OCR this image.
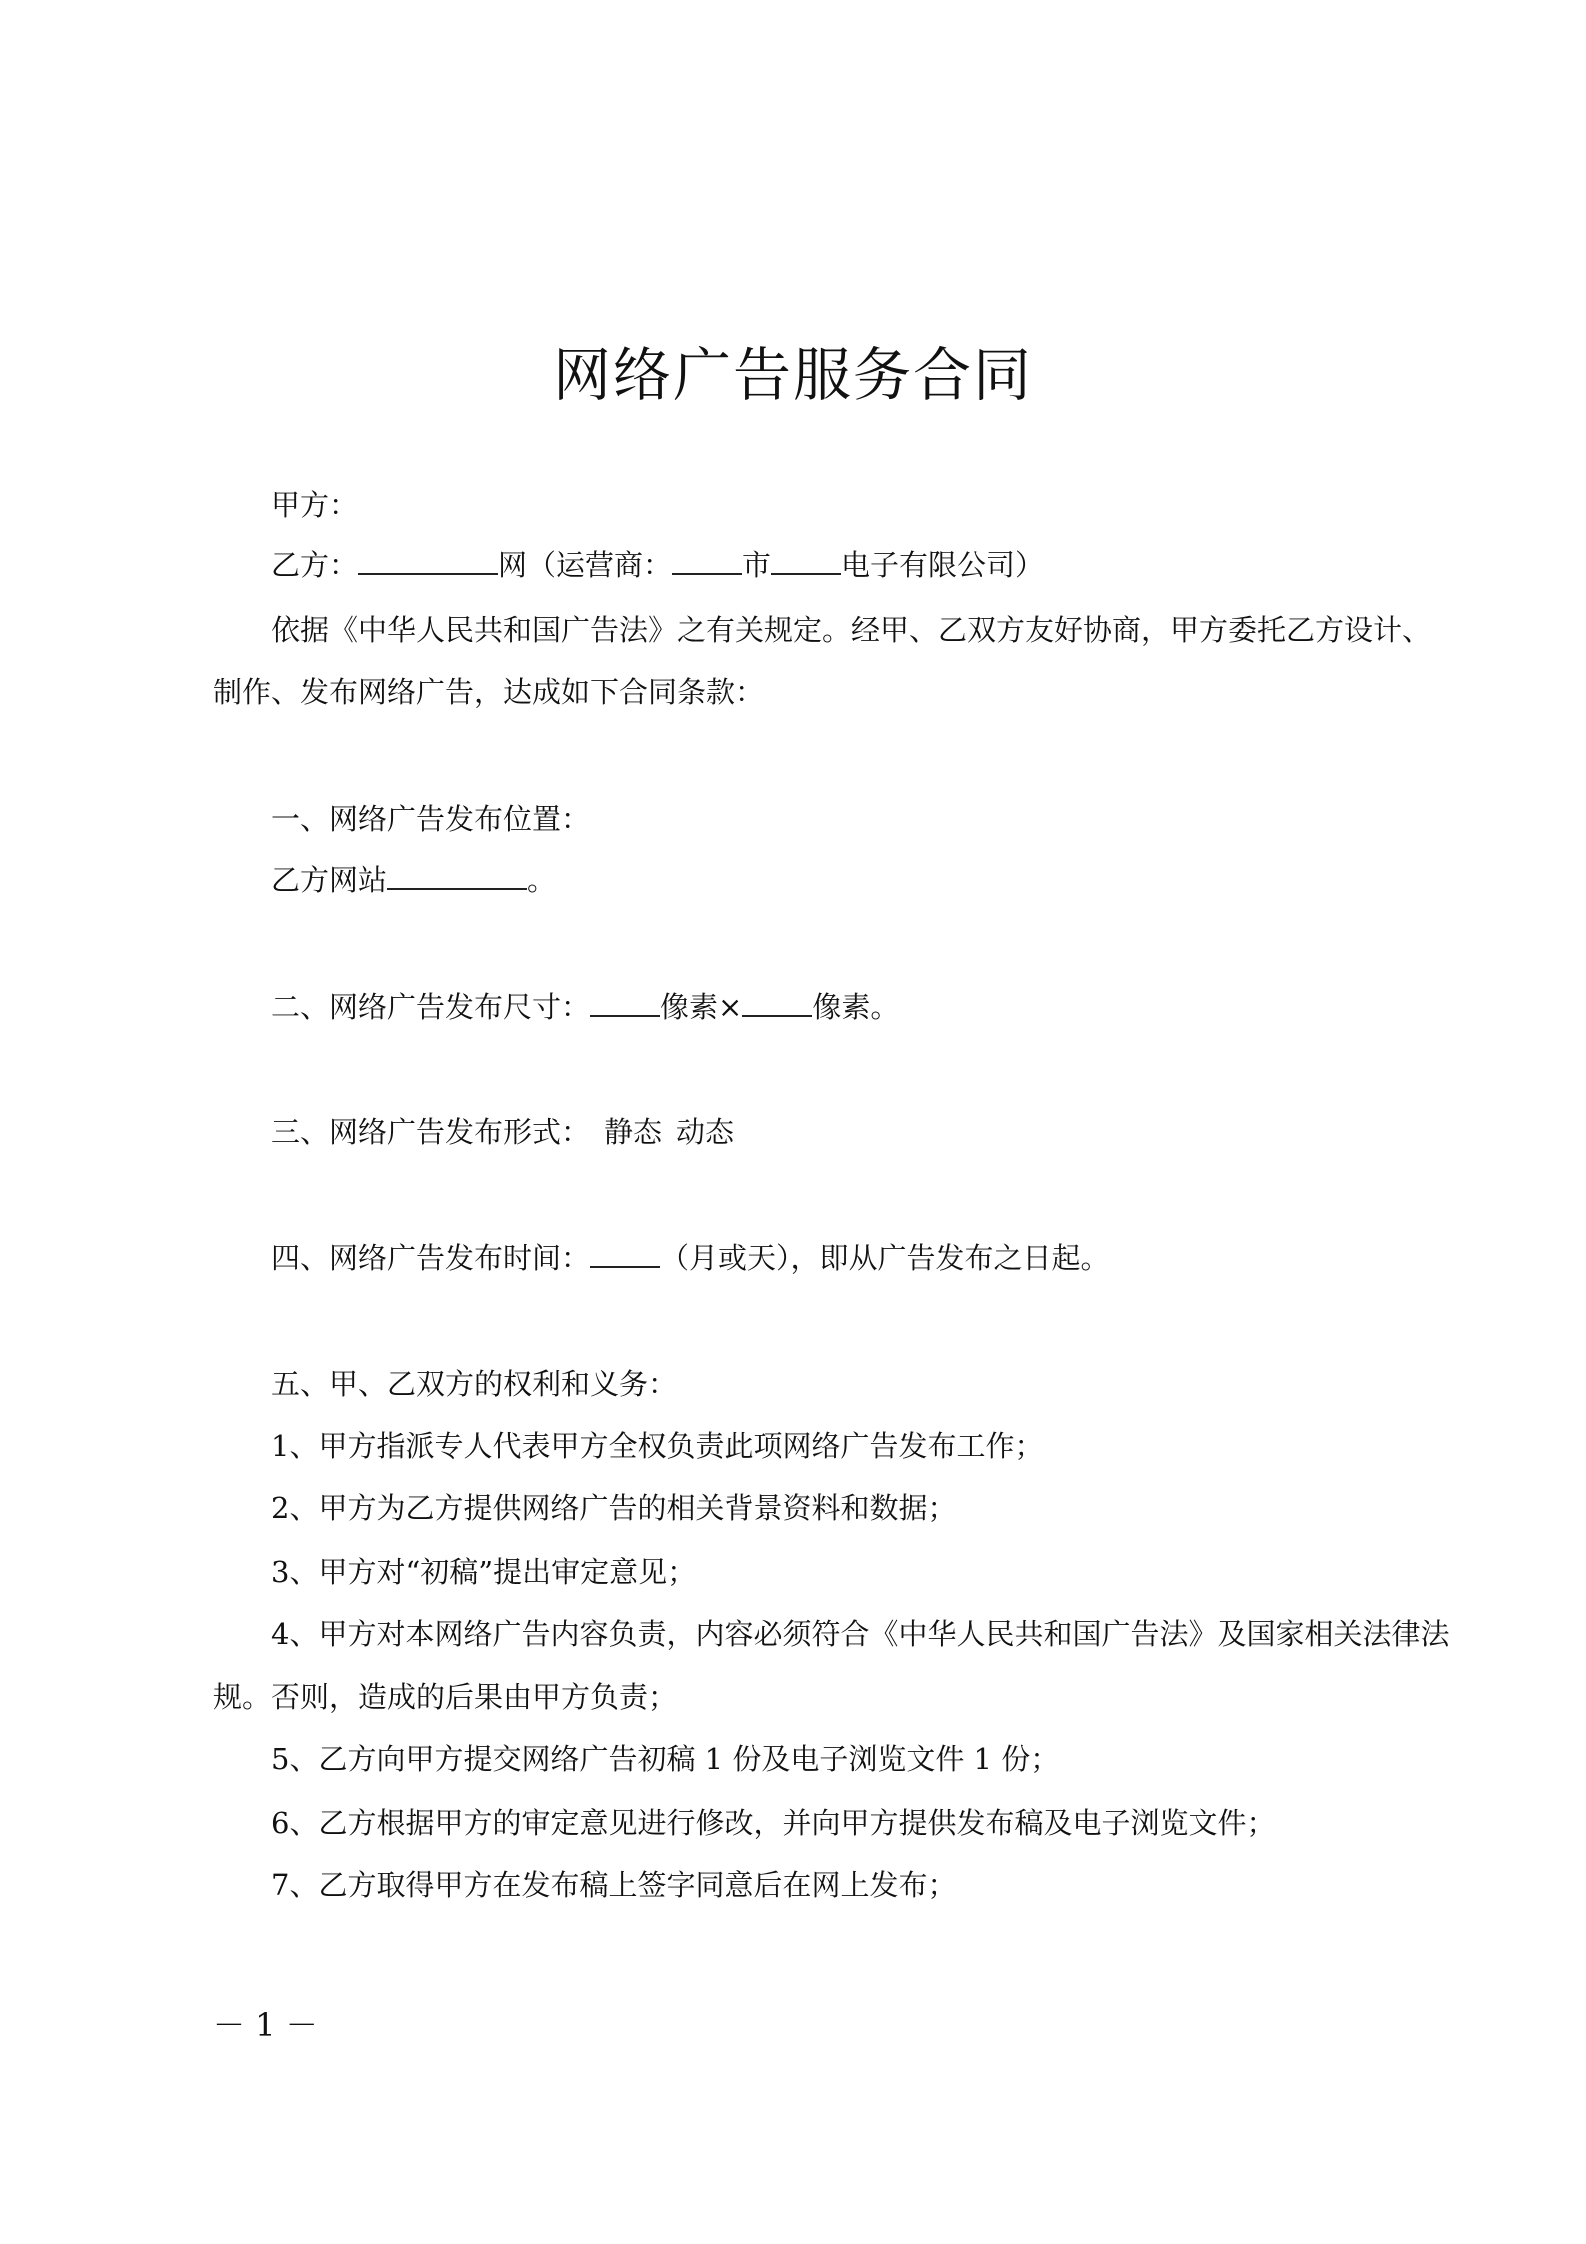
网络广告服务合同
甲方：
乙方：	网（运营商： 市 电子有限公司）
依据《中华人民共和国广告法》之有关规定。经甲、乙双方友好协商，甲方委托乙方设计、
制作、发布网络广告，达成如下合同条款：
一、网络广告发布位置：
乙方网站	。
二、网络广告发布尺寸： 像素× 像素。
三、网络广告发布形式： 静态 动态
四、网络广告发布时间： （月或天），即从广告发布之日起。
五、甲、乙双方的权利和义务：
1、甲方指派专人代表甲方全权负责此项网络广告发布工作；
2、甲方为乙方提供网络广告的相关背景资料和数据；
3、甲方对“初稿”提出审定意见；
4、甲方对本网络广告内容负责，内容必须符合《中华人民共和国广告法》及国家相关法律法
规。否则，造成的后果由甲方负责；
5、乙方向甲方提交网络广告初稿 1 份及电子浏览文件 1 份；
6、乙方根据甲方的审定意见进行修改，并向甲方提供发布稿及电子浏览文件；
7、乙方取得甲方在发布稿上签字同意后在网上发布；
－ 1 －
